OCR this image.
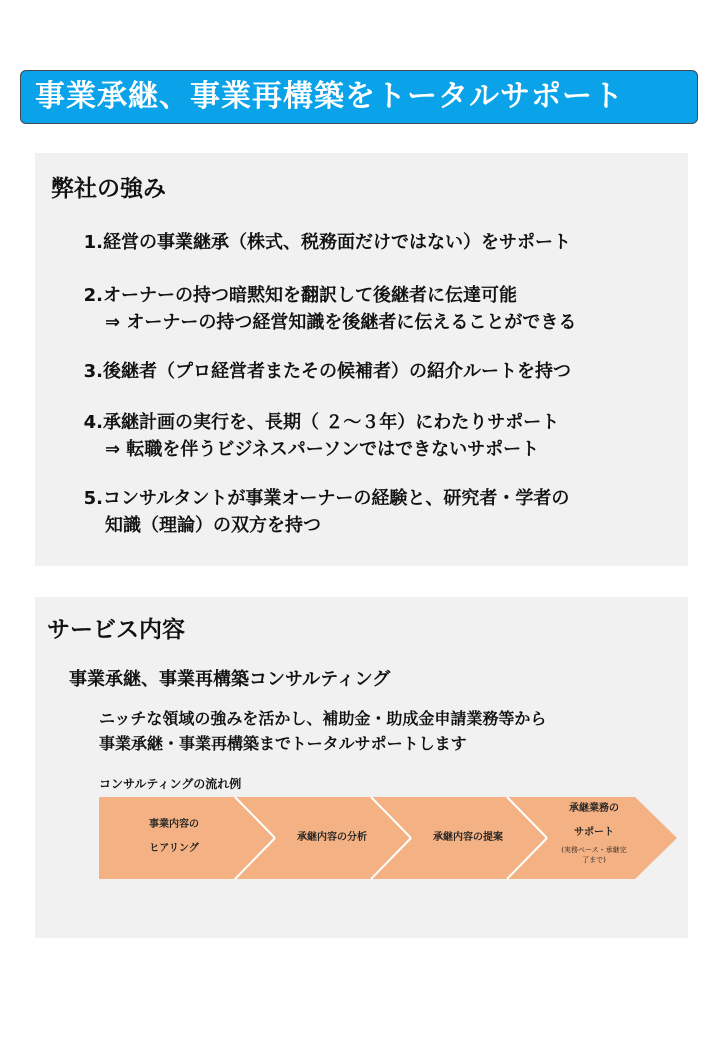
事業承継、事業再構築をトータルサポート
弊社の強み
1. 経営の事業継承（株式、税務面だけではない）をサポート
2. オーナーの持つ暗黙知を翻訳して後継者に伝達可能
⇒ オーナーの持つ経営知識を後継者に伝えることができる
3. 後継者（プロ経営者またその候補者）の紹介ルートを持つ
4. 承継計画の実行を、長期（ ２～３年）にわたりサポート
⇒ 転職を伴うビジネスパーソンではできないサポート
5. コンサルタントが事業オーナーの経験と、研究者・学者の
知識（理論）の双方を持つ
サービス内容
事業承継、事業再構築コンサルティング
ニッチな領域の強みを活かし、補助金・助成金申請業務等から
事業承継・事業再構築までトータルサポートします
コンサルティングの流れ例
事業内容の
ヒアリング
承継内容の分析	承継内容の提案
承継業務の
サポート
(実務ベース・承継完
了まで)
